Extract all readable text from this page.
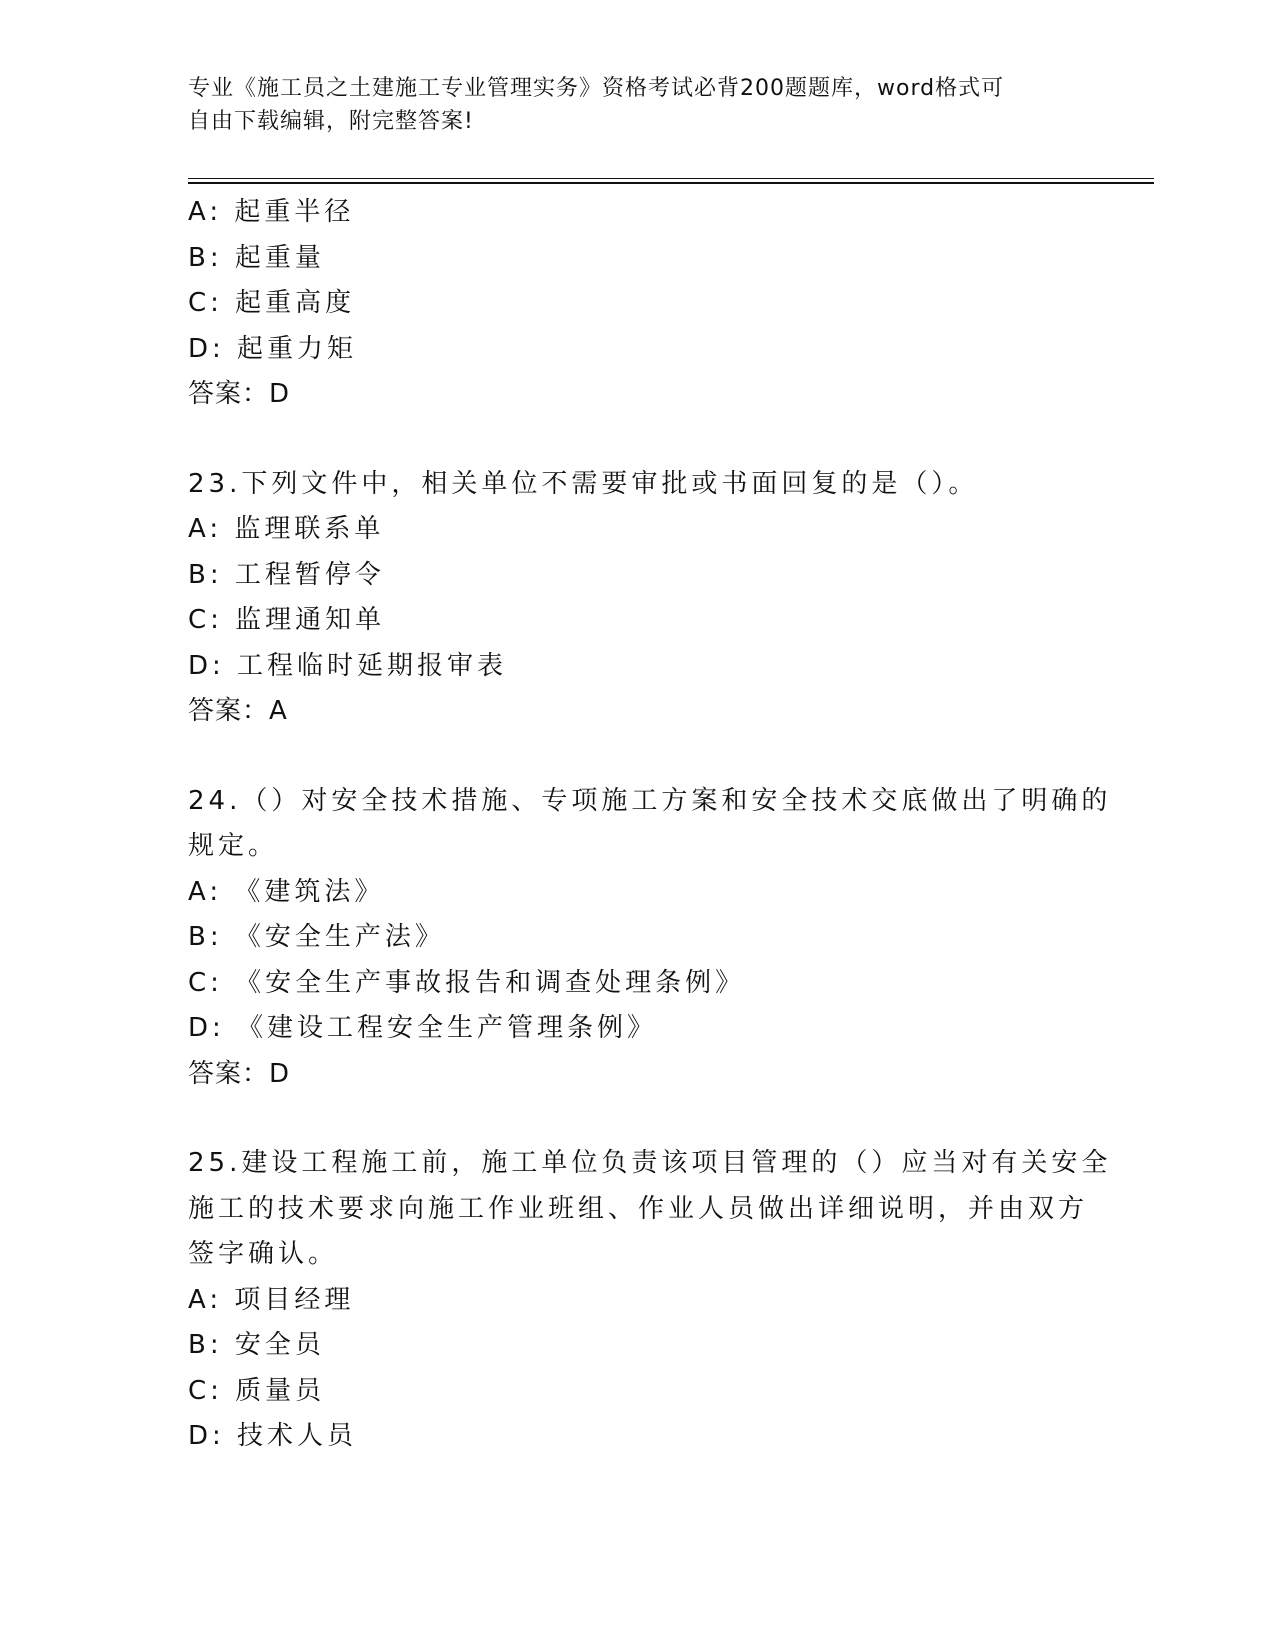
专业《施工员之土建施工专业管理实务》资格考试必背200题题库，word格式可
自由下载编辑，附完整答案!
A: 起重半径
B: 起重量
C: 起重高度
D: 起重力矩
答案：D
23.下列文件中，相关单位不需要审批或书面回复的是（）。
A: 监理联系单
B: 工程暂停令
C: 监理通知单
D: 工程临时延期报审表
答案：A
24.（）对安全技术措施、专项施工方案和安全技术交底做出了明确的
规定。
A: 《建筑法》
B: 《安全生产法》
C: 《安全生产事故报告和调查处理条例》
D: 《建设工程安全生产管理条例》
答案：D
25.建设工程施工前，施工单位负责该项目管理的（）应当对有关安全
施工的技术要求向施工作业班组、作业人员做出详细说明，并由双方
签字确认。
A: 项目经理
B: 安全员
C: 质量员
D: 技术人员
